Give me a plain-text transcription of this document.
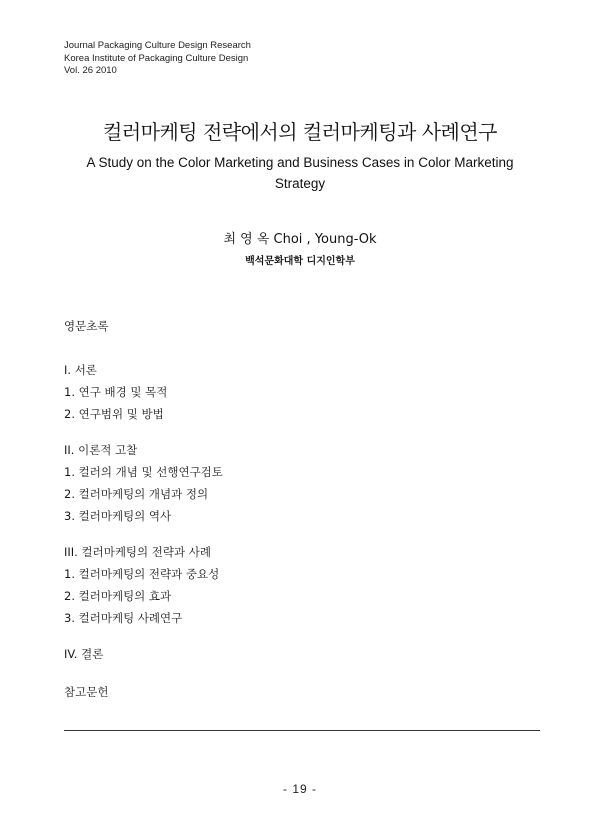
Journal Packaging Culture Design Research
Korea Institute of Packaging Culture Design
Vol. 26 2010
컬러마케팅 전략에서의 컬러마케팅과 사례연구
A Study on the Color Marketing and Business Cases in Color Marketing
Strategy
최 영 옥 Choi , Young-Ok
백석문화대학 디지인학부
영문초록
Ⅰ. 서론
1. 연구 배경 및 목적
2. 연구범위 및 방법
II. 이론적 고찰
1. 컬러의 개념 및 선행연구검토
2. 컬러마케팅의 개념과 정의
3. 컬러마케팅의 역사
III. 컬러마케팅의 전략과 사례
1. 컬러마케팅의 전략과 중요성
2. 컬러마케팅의 효과
3. 컬러마케팅 사례연구
IV. 결론
참고문헌
- 19 -
